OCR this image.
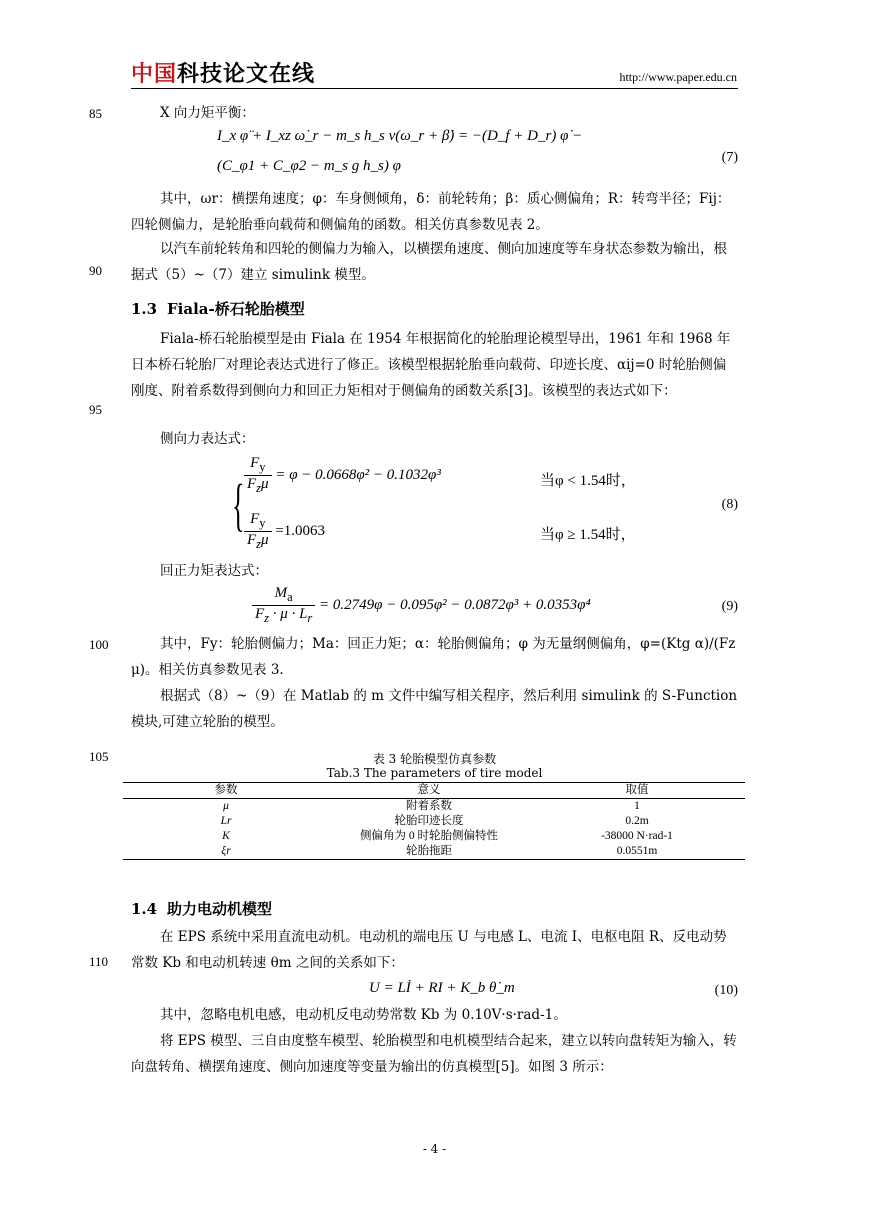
中国科技论文在线	http://www.paper.edu.cn
85
90
95
100
105
110
X 向力矩平衡：
I_x φ̈ + I_xz ω̇_r − m_s h_s v(ω_r + β̇) = −(D_f + D_r) φ̇ −
(C_φ1 + C_φ2 − m_s g h_s) φ
(7)
其中，ωr：横摆角速度；φ：车身侧倾角，δ：前轮转角；β：质心侧偏角；R：转弯半径；Fij：四轮侧偏力，是轮胎垂向载荷和侧偏角的函数。相关仿真参数见表 2。
以汽车前轮转角和四轮的侧偏力为输入，以横摆角速度、侧向加速度等车身状态参数为输出，根据式（5）~（7）建立 simulink 模型。
1.3 Fiala-桥石轮胎模型
Fiala-桥石轮胎模型是由 Fiala 在 1954 年根据简化的轮胎理论模型导出，1961 年和 1968 年日本桥石轮胎厂对理论表达式进行了修正。该模型根据轮胎垂向载荷、印迹长度、αij=0 时轮胎侧偏刚度、附着系数得到侧向力和回正力矩相对于侧偏角的函数关系[3]。该模型的表达式如下：
侧向力表达式：
{ $\frac{F_y}{F_z\mu} = \varphi - 0.0668\varphi^2 - 0.1032\varphi^3$	当φ < 1.54时，
$\frac{F_y}{F_z\mu} =1.0063$	当φ ≥ 1.54时，
(8)
回正力矩表达式：
$\frac{M_a}{F_z \cdot \mu \cdot L_r} = 0.2749\varphi - 0.095\varphi^2 - 0.0872\varphi^3 + 0.0353\varphi^4$	(9)
其中，Fy：轮胎侧偏力；Ma：回正力矩；α：轮胎侧偏角；φ 为无量纲侧偏角，φ=(Ktg α)/(Fz μ)。相关仿真参数见表 3.
根据式（8）~（9）在 Matlab 的 m 文件中编写相关程序，然后利用 simulink 的 S-Function 模块,可建立轮胎的模型。
表 3 轮胎模型仿真参数
Tab.3 The parameters of tire model
参数	意义	取值
μ	附着系数	1
Lr	轮胎印迹长度	0.2m
K	侧偏角为 0 时轮胎侧偏特性	-38000 N·rad-1
ξr	轮胎拖距	0.0551m
1.4 助力电动机模型
在 EPS 系统中采用直流电动机。电动机的端电压 U 与电感 L、电流 I、电枢电阻 R、反电动势常数 Kb 和电动机转速 θm 之间的关系如下：
U = Lİ + RI + K_b θ̇_m	(10)
其中，忽略电机电感，电动机反电动势常数 Kb 为 0.10V·s·rad-1。
将 EPS 模型、三自由度整车模型、轮胎模型和电机模型结合起来，建立以转向盘转矩为输入，转向盘转角、横摆角速度、侧向加速度等变量为输出的仿真模型[5]。如图 3 所示：
- 4 -
